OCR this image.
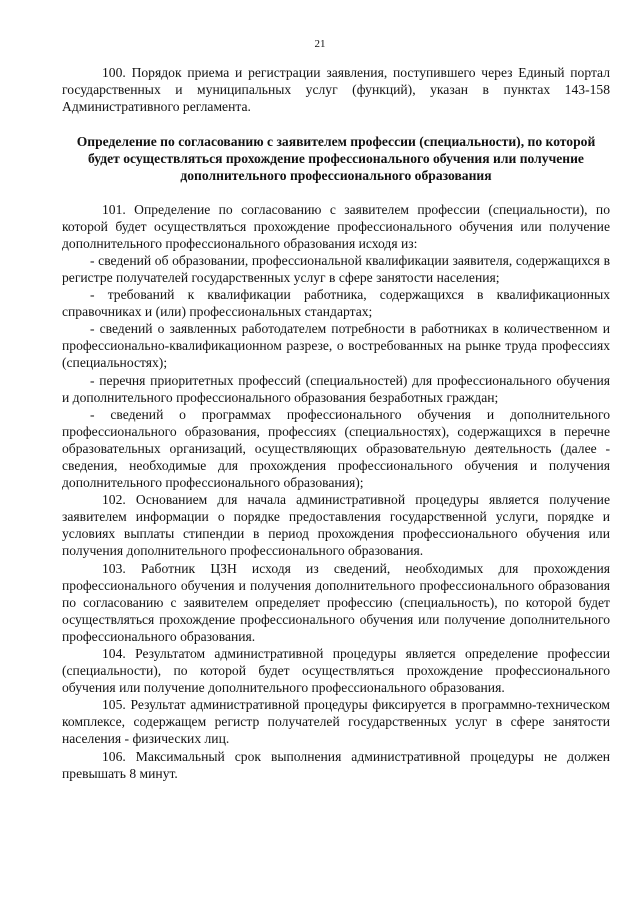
21

100. Порядок приема и регистрации заявления, поступившего через Единый портал государственных и муниципальных услуг (функций), указан в пунктах 143-158 Административного регламента.

Определение по согласованию с заявителем профессии (специальности), по которой будет осуществляться прохождение профессионального обучения или получение дополнительного профессионального образования

101. Определение по согласованию с заявителем профессии (специальности), по которой будет осуществляться прохождение профессионального обучения или получение дополнительного профессионального образования исходя из:

- сведений об образовании, профессиональной квалификации заявителя, содержащихся в регистре получателей государственных услуг в сфере занятости населения;

- требований к квалификации работника, содержащихся в квалификационных справочниках и (или) профессиональных стандартах;

- сведений о заявленных работодателем потребности в работниках в количественном и профессионально-квалификационном разрезе, о востребованных на рынке труда профессиях (специальностях);

- перечня приоритетных профессий (специальностей) для профессионального обучения и дополнительного профессионального образования безработных граждан;

- сведений о программах профессионального обучения и дополнительного профессионального образования, профессиях (специальностях), содержащихся в перечне образовательных организаций, осуществляющих образовательную деятельность (далее - сведения, необходимые для прохождения профессионального обучения и получения дополнительного профессионального образования);

102. Основанием для начала административной процедуры является получение заявителем информации о порядке предоставления государственной услуги, порядке и условиях выплаты стипендии в период прохождения профессионального обучения или получения дополнительного профессионального образования.

103. Работник ЦЗН исходя из сведений, необходимых для прохождения профессионального обучения и получения дополнительного профессионального образования по согласованию с заявителем определяет профессию (специальность), по которой будет осуществляться прохождение профессионального обучения или получение дополнительного профессионального образования.

104. Результатом административной процедуры является определение профессии (специальности), по которой будет осуществляться прохождение профессионального обучения или получение дополнительного профессионального образования.

105. Результат административной процедуры фиксируется в программно-техническом комплексе, содержащем регистр получателей государственных услуг в сфере занятости населения - физических лиц.

106. Максимальный срок выполнения административной процедуры не должен превышать 8 минут.
